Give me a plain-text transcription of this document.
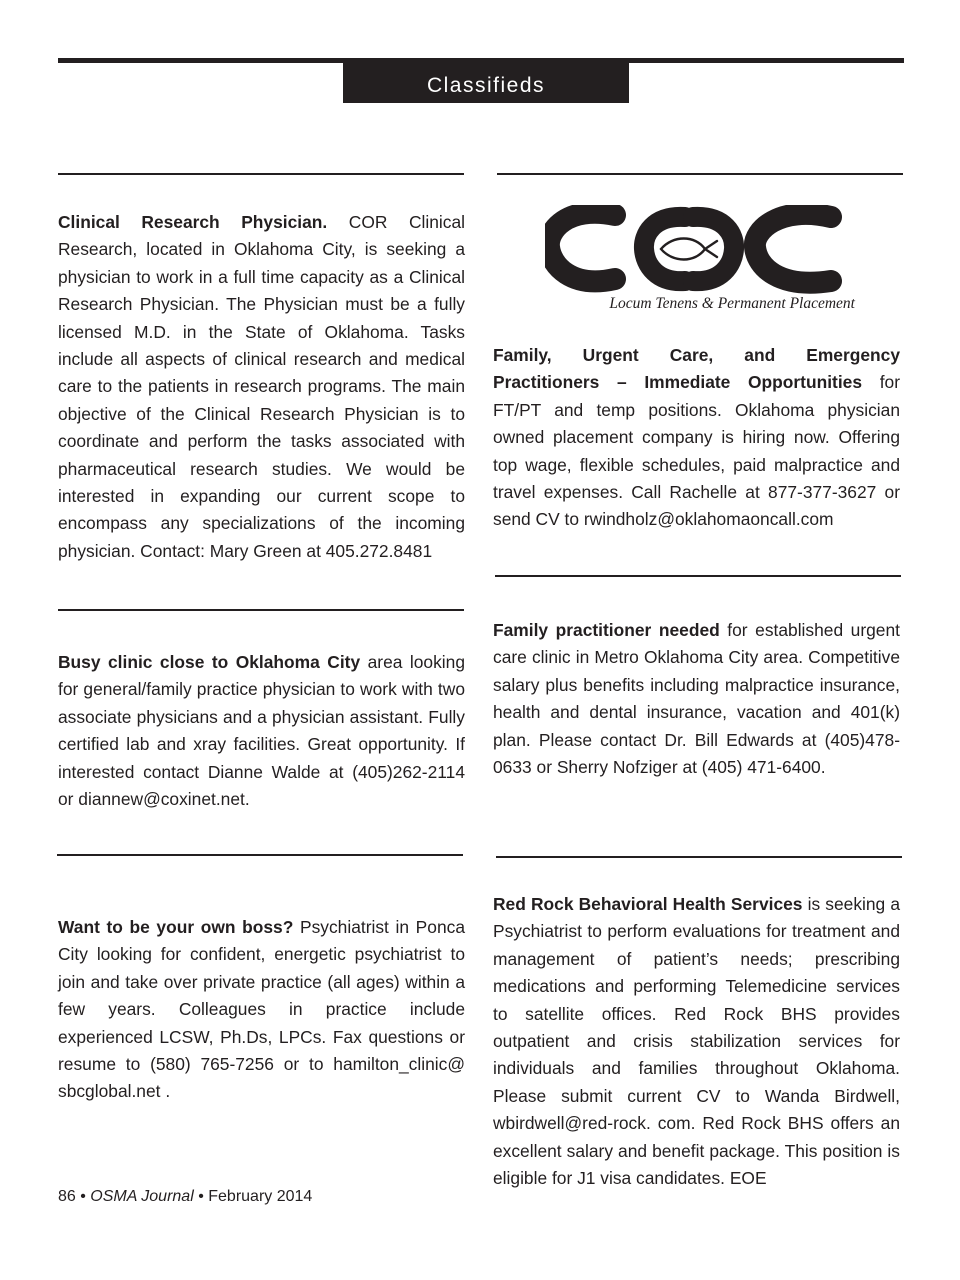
Classifieds
Locum Tenens & Permanent Placement

Clinical Research Physician. COR Clinical Research, located in Oklahoma City, is seeking a physician to work in a full time capacity as a Clinical Research Physician. The Physician must be a fully licensed M.D. in the State of Oklahoma. Tasks include all aspects of clinical research and medical care to the patients in research programs. The main objective of the Clinical Research Physician is to coordinate and perform the tasks associated with pharmaceutical research studies. We would be interested in expanding our current scope to encompass any specializations of the incoming physician. Contact: Mary Green at 405.272.8481

Busy clinic close to Oklahoma City area looking for general/family practice physician to work with two associate physicians and a physician assistant. Fully certified lab and xray facilities. Great opportunity. If interested contact Dianne Walde at (405)262-2114 or diannew@coxinet.net.

Want to be your own boss? Psychiatrist in Ponca City looking for confident, energetic psychiatrist to join and take over private practice (all ages) within a few years. Colleagues in practice include experienced LCSW, Ph.Ds, LPCs. Fax questions or resume to (580) 765-7256 or to hamilton_clinic@ sbcglobal.net .

Family, Urgent Care, and Emergency Practitioners – Immediate Opportunities for FT/PT and temp positions. Oklahoma physician owned placement company is hiring now. Offering top wage, flexible schedules, paid malpractice and travel expenses. Call Rachelle at 877-377-3627 or send CV to rwindholz@oklahomaoncall.com

Family practitioner needed for established urgent care clinic in Metro Oklahoma City area. Competitive salary plus benefits including malpractice insurance, health and dental insurance, vacation and 401(k) plan. Please contact Dr. Bill Edwards at (405)478-0633 or Sherry Nofziger at (405) 471-6400.

Red Rock Behavioral Health Services is seeking a Psychiatrist to perform evaluations for treatment and management of patient’s needs; prescribing medications and performing Telemedicine services to satellite offices. Red Rock BHS provides outpatient and crisis stabilization services for individuals and families throughout Oklahoma. Please submit current CV to Wanda Birdwell, wbirdwell@red-rock. com. Red Rock BHS offers an excellent salary and benefit package. This position is eligible for J1 visa candidates. EOE

86 • OSMA Journal • February 2014
